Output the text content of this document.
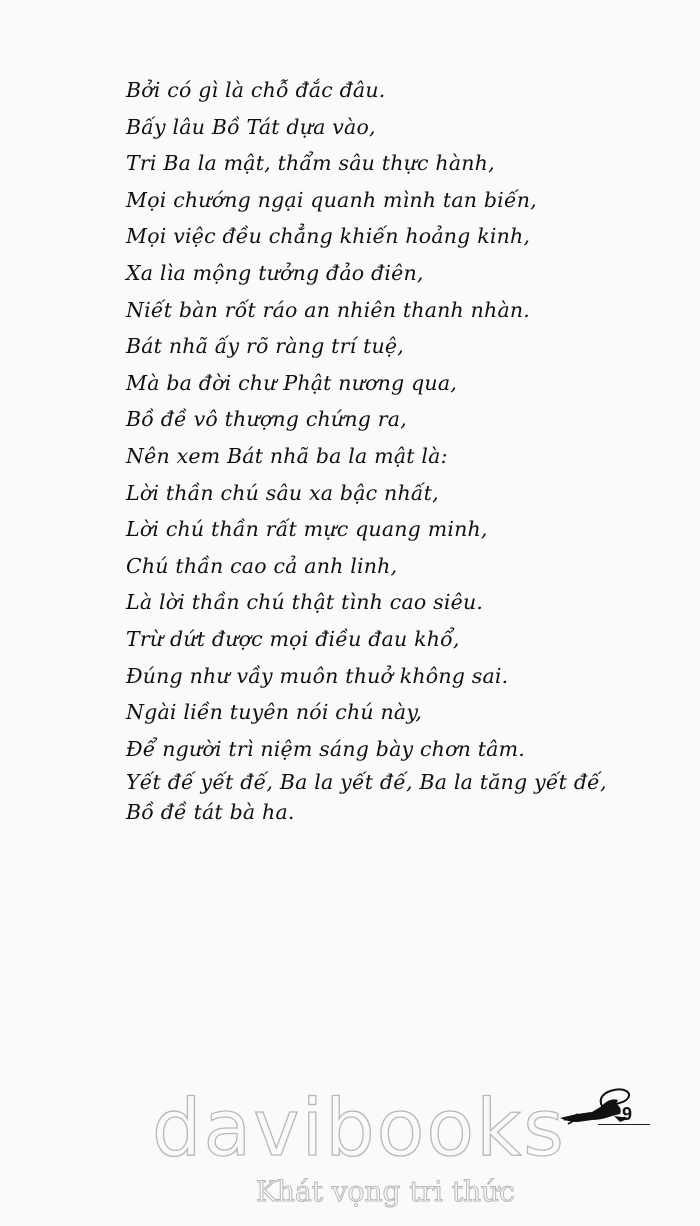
Bởi có gì là chỗ đắc đâu.
Bấy lâu Bồ Tát dựa vào,
Tri Ba la mật, thẩm sâu thực hành,
Mọi chướng ngại quanh mình tan biến,
Mọi việc đều chẳng khiến hoảng kinh,
Xa lìa mộng tưởng đảo điên,
Niết bàn rốt ráo an nhiên thanh nhàn.
Bát nhã ấy rõ ràng trí tuệ,
Mà ba đời chư Phật nương qua,
Bồ đề vô thượng chứng ra,
Nên xem Bát nhã ba la mật là:
Lời thần chú sâu xa bậc nhất,
Lời chú thần rất mực quang minh,
Chú thần cao cả anh linh,
Là lời thần chú thật tình cao siêu.
Trừ dứt được mọi điều đau khổ,
Đúng như vầy muôn thuở không sai.
Ngài liền tuyên nói chú này,
Để người trì niệm sáng bày chơn tâm.
Yết đế yết đế, Ba la yết đế, Ba la tăng yết đế,
Bồ đề tát bà ha.
9
davibooks
Khát vọng tri thức
